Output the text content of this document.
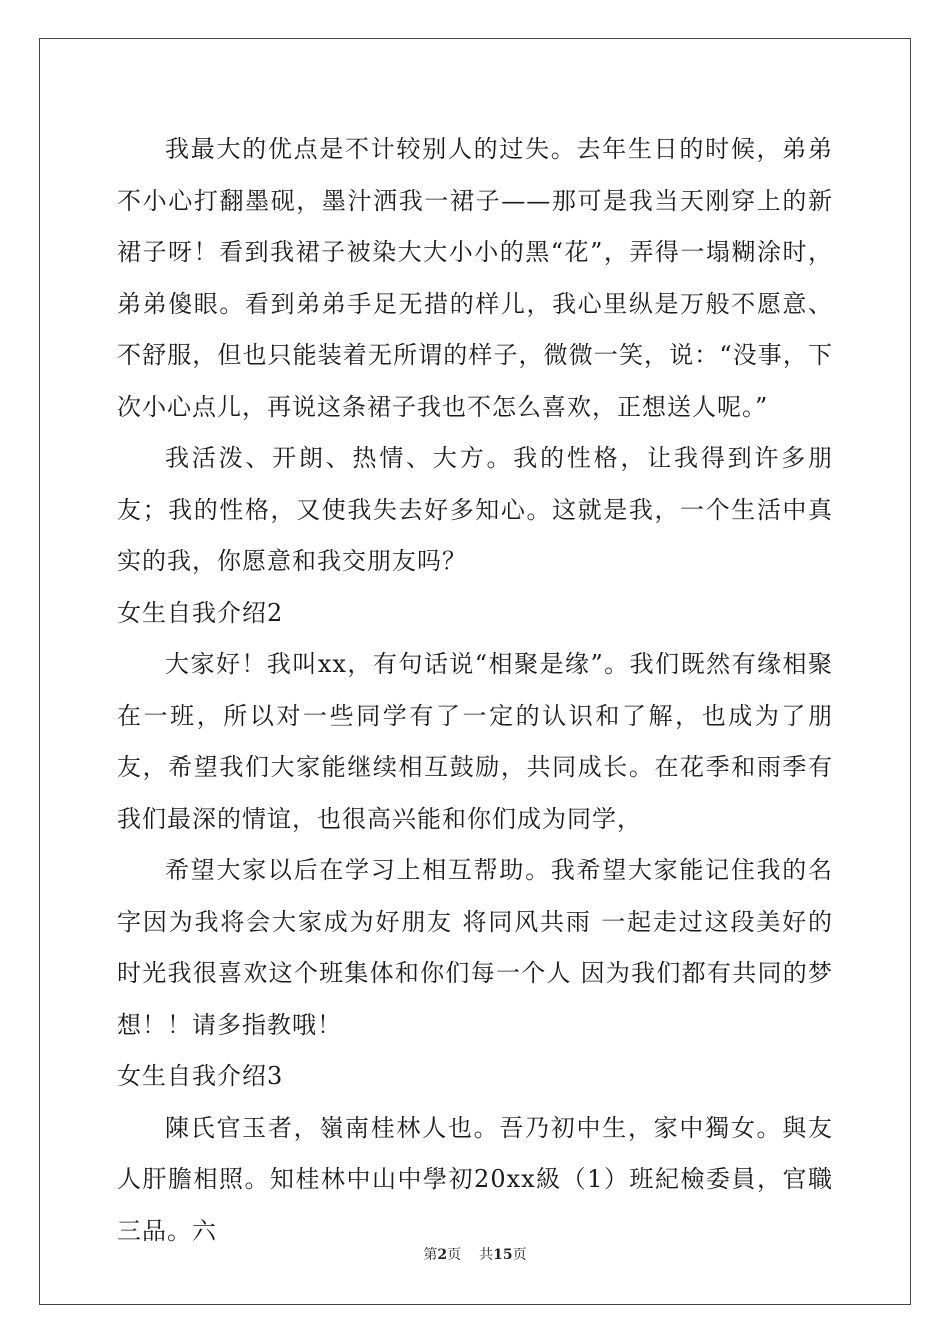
我最大的优点是不计较别人的过失。去年生日的时候，弟弟不小心打翻墨砚，墨汁洒我一裙子——那可是我当天刚穿上的新裙子呀！看到我裙子被染大大小小的黑“花”，弄得一塌糊涂时，弟弟傻眼。看到弟弟手足无措的样儿，我心里纵是万般不愿意、不舒服，但也只能装着无所谓的样子，微微一笑，说：“没事，下次小心点儿，再说这条裙子我也不怎么喜欢，正想送人呢。”

我活泼、开朗、热情、大方。我的性格，让我得到许多朋友；我的性格，又使我失去好多知心。这就是我，一个生活中真实的我，你愿意和我交朋友吗？

女生自我介绍2

大家好！我叫xx，有句话说“相聚是缘”。我们既然有缘相聚在一班，所以对一些同学有了一定的认识和了解，也成为了朋友，希望我们大家能继续相互鼓励，共同成长。在花季和雨季有我们最深的情谊，也很高兴能和你们成为同学，

希望大家以后在学习上相互帮助。我希望大家能记住我的名字因为我将会大家成为好朋友 将同风共雨 一起走过这段美好的时光我很喜欢这个班集体和你们每一个人 因为我们都有共同的梦想！！请多指教哦！

女生自我介绍3

陳氏官玉者，嶺南桂林人也。吾乃初中生，家中獨女。與友人肝膽相照。知桂林中山中學初20xx級（1）班紀檢委員，官職三品。六

第2页 共15页
